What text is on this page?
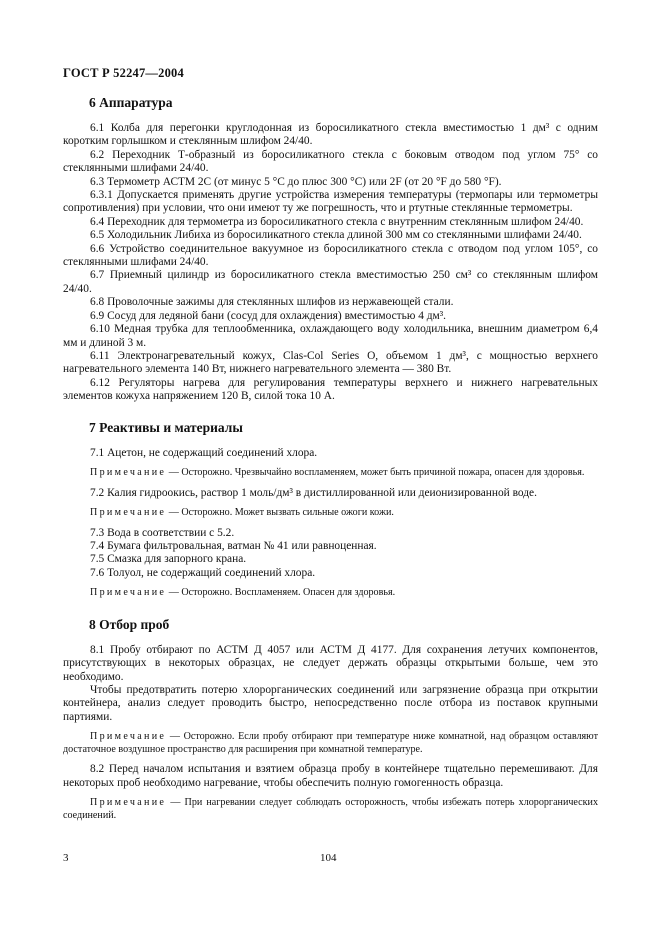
ГОСТ Р 52247—2004
6 Аппаратура

6.1 Колба для перегонки круглодонная из боросиликатного стекла вместимостью 1 дм³ с одним коротким горлышком и стеклянным шлифом 24/40.

6.2 Переходник Т-образный из боросиликатного стекла с боковым отводом под углом 75° со стеклянными шлифами 24/40.

6.3 Термометр АСТМ 2С (от минус 5 °С до плюс 300 °С) или 2F (от 20 °F до 580 °F).

6.3.1 Допускается применять другие устройства измерения температуры (термопары или термометры сопротивления) при условии, что они имеют ту же погрешность, что и ртутные стеклянные термометры.

6.4 Переходник для термометра из боросиликатного стекла с внутренним стеклянным шлифом 24/40.

6.5 Холодильник Либиха из боросиликатного стекла длиной 300 мм со стеклянными шлифами 24/40.

6.6 Устройство соединительное вакуумное из боросиликатного стекла с отводом под углом 105°, со стеклянными шлифами 24/40.

6.7 Приемный цилиндр из боросиликатного стекла вместимостью 250 см³ со стеклянным шлифом 24/40.

6.8 Проволочные зажимы для стеклянных шлифов из нержавеющей стали.

6.9 Сосуд для ледяной бани (сосуд для охлаждения) вместимостью 4 дм³.

6.10 Медная трубка для теплообменника, охлаждающего воду холодильника, внешним диаметром 6,4 мм и длиной 3 м.

6.11 Электронагревательный кожух, Clas-Col Series O, объемом 1 дм³, с мощностью верхнего нагревательного элемента 140 Вт, нижнего нагревательного элемента — 380 Вт.

6.12 Регуляторы нагрева для регулирования температуры верхнего и нижнего нагревательных элементов кожуха напряжением 120 В, силой тока 10 А.

7 Реактивы и материалы

7.1 Ацетон, не содержащий соединений хлора.

Примечание — Осторожно. Чрезвычайно воспламеняем, может быть причиной пожара, опасен для здоровья.

7.2 Калия гидроокись, раствор 1 моль/дм³ в дистиллированной или деионизированной воде.

Примечание — Осторожно. Может вызвать сильные ожоги кожи.

7.3 Вода в соответствии с 5.2.

7.4 Бумага фильтровальная, ватман № 41 или равноценная.

7.5 Смазка для запорного крана.

7.6 Толуол, не содержащий соединений хлора.

Примечание — Осторожно. Воспламеняем. Опасен для здоровья.

8 Отбор проб

8.1 Пробу отбирают по АСТМ Д 4057 или АСТМ Д 4177. Для сохранения летучих компонентов, присутствующих в некоторых образцах, не следует держать образцы открытыми больше, чем это необходимо.

Чтобы предотвратить потерю хлорорганических соединений или загрязнение образца при открытии контейнера, анализ следует проводить быстро, непосредственно после отбора из поставок крупными партиями.

Примечание — Осторожно. Если пробу отбирают при температуре ниже комнатной, над образцом оставляют достаточное воздушное пространство для расширения при комнатной температуре.

8.2 Перед началом испытания и взятием образца пробу в контейнере тщательно перемешивают. Для некоторых проб необходимо нагревание, чтобы обеспечить полную гомогенность образца.

Примечание — При нагревании следует соблюдать осторожность, чтобы избежать потерь хлорорганических соединений.

3	104
